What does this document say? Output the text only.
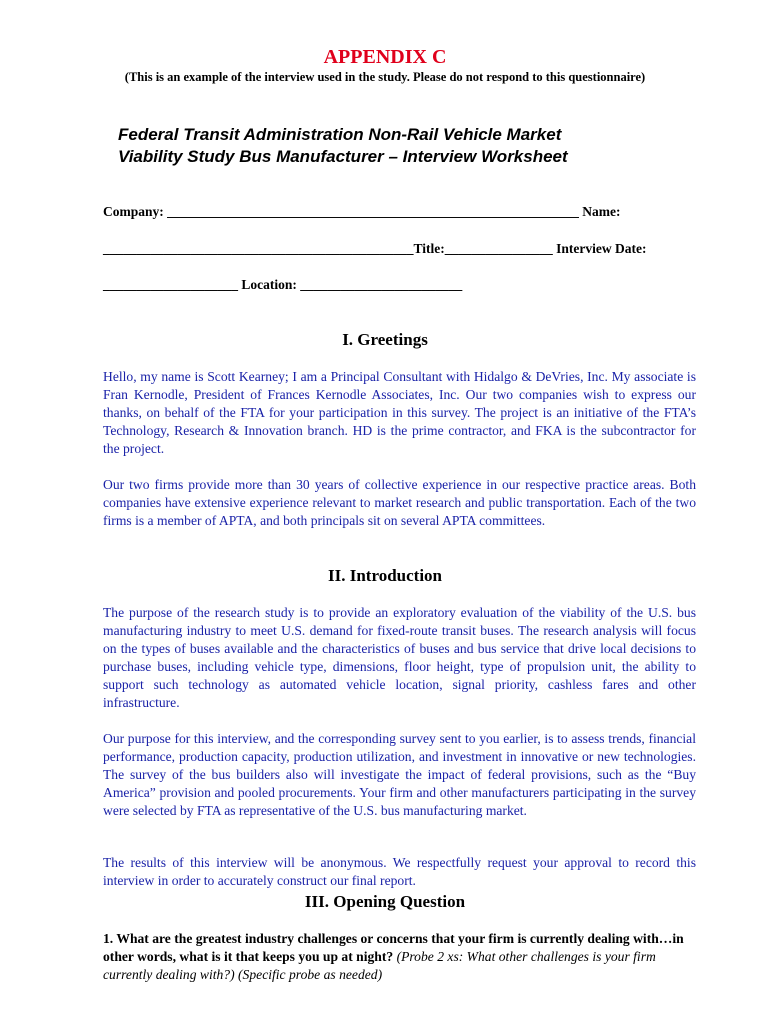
APPENDIX C
(This is an example of the interview used in the study. Please do not respond to this questionnaire)
Federal Transit Administration Non-Rail Vehicle Market
Viability Study Bus Manufacturer – Interview Worksheet
Company: _____________________________________________________________ Name:
______________________________________________Title:________________ Interview Date:
____________________ Location: ________________________
I. Greetings
Hello, my name is Scott Kearney; I am a Principal Consultant with Hidalgo & DeVries, Inc. My associate is Fran Kernodle, President of Frances Kernodle Associates, Inc. Our two companies wish to express our thanks, on behalf of the FTA for your participation in this survey. The project is an initiative of the FTA’s Technology, Research & Innovation branch. HD is the prime contractor, and FKA is the subcontractor for the project.
Our two firms provide more than 30 years of collective experience in our respective practice areas. Both companies have extensive experience relevant to market research and public transportation. Each of the two firms is a member of APTA, and both principals sit on several APTA committees.
II. Introduction
The purpose of the research study is to provide an exploratory evaluation of the viability of the U.S. bus manufacturing industry to meet U.S. demand for fixed-route transit buses. The research analysis will focus on the types of buses available and the characteristics of buses and bus service that drive local decisions to purchase buses, including vehicle type, dimensions, floor height, type of propulsion unit, the ability to support such technology as automated vehicle location, signal priority, cashless fares and other infrastructure.
Our purpose for this interview, and the corresponding survey sent to you earlier, is to assess trends, financial performance, production capacity, production utilization, and investment in innovative or new technologies. The survey of the bus builders also will investigate the impact of federal provisions, such as the “Buy America” provision and pooled procurements. Your firm and other manufacturers participating in the survey were selected by FTA as representative of the U.S. bus manufacturing market.
The results of this interview will be anonymous. We respectfully request your approval to record this interview in order to accurately construct our final report.
III. Opening Question
1. What are the greatest industry challenges or concerns that your firm is currently dealing with…in other words, what is it that keeps you up at night? (Probe 2 xs: What other challenges is your firm currently dealing with?) (Specific probe as needed)
